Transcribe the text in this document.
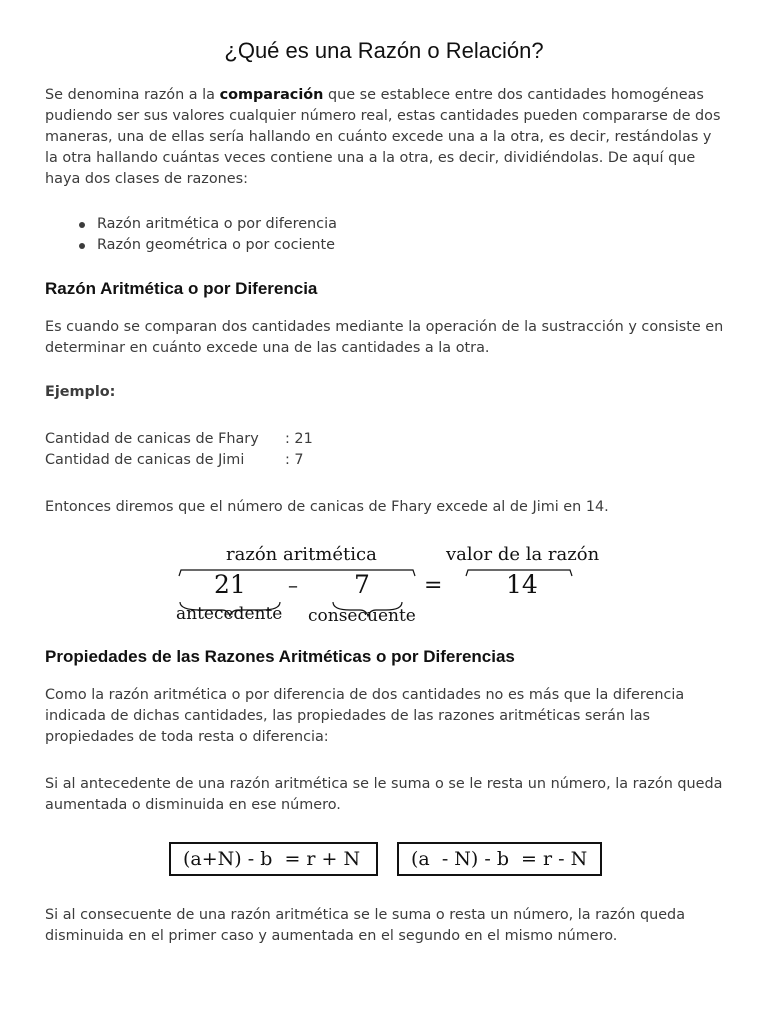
¿Qué es una Razón o Relación?

Se denomina razón a la comparación que se establece entre dos cantidades homogéneas pudiendo ser sus valores cualquier número real, estas cantidades pueden compararse de dos maneras, una de ellas sería hallando en cuánto excede una a la otra, es decir, restándolas y la otra hallando cuántas veces contiene una a la otra, es decir, dividiéndolas. De aquí que haya dos clases de razones:

Razón aritmética o por diferencia
Razón geométrica o por cociente
Razón Aritmética o por Diferencia

Es cuando se comparan dos cantidades mediante la operación de la sustracción y consiste en determinar en cuánto excede una de las cantidades a la otra.

Ejemplo:
Cantidad de canicas de Fhary : 21
Cantidad de canicas de Jimi	: 7

Entonces diremos que el número de canicas de Fhary excede al de Jimi en 14.

razón aritmética	valor de la razón
21 – 7 =	14
antecedente consecuente
Propiedades de las Razones Aritméticas o por Diferencias

Como la razón aritmética o por diferencia de dos cantidades no es más que la diferencia indicada de dichas cantidades, las propiedades de las razones aritméticas serán las propiedades de toda resta o diferencia:

Si al antecedente de una razón aritmética se le suma o se le resta un número, la razón queda aumentada o disminuida en ese número.

(a+N) - b  = r + N	(a  - N) - b  = r - N

Si al consecuente de una razón aritmética se le suma o resta un número, la razón queda disminuida en el primer caso y aumentada en el segundo en el mismo número.
